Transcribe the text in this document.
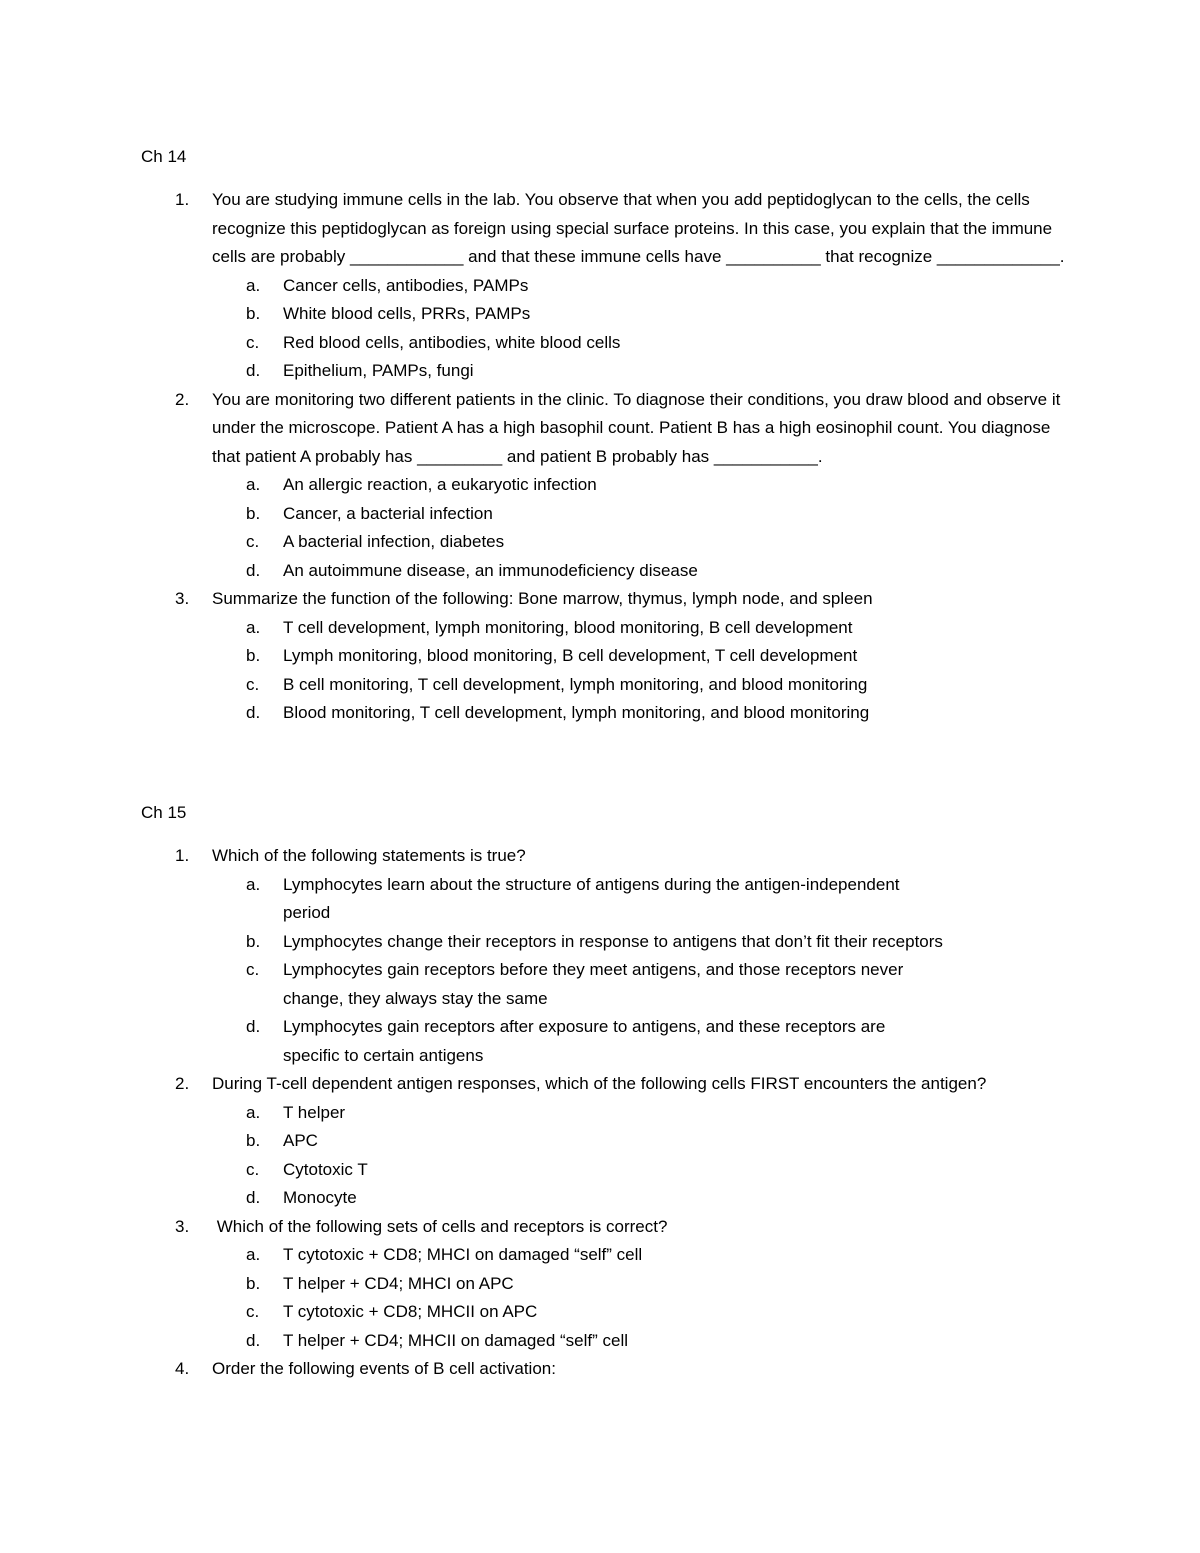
Ch 14
1. You are studying immune cells in the lab. You observe that when you add peptidoglycan to the cells, the cells recognize this peptidoglycan as foreign using special surface proteins. In this case, you explain that the immune cells are probably ____________ and that these immune cells have __________ that recognize _____________.
a. Cancer cells, antibodies, PAMPs
b. White blood cells, PRRs, PAMPs
c. Red blood cells, antibodies, white blood cells
d. Epithelium, PAMPs, fungi
2. You are monitoring two different patients in the clinic. To diagnose their conditions, you draw blood and observe it under the microscope. Patient A has a high basophil count. Patient B has a high eosinophil count. You diagnose that patient A probably has _________ and patient B probably has ___________.
a. An allergic reaction, a eukaryotic infection
b. Cancer, a bacterial infection
c. A bacterial infection, diabetes
d. An autoimmune disease, an immunodeficiency disease
3. Summarize the function of the following: Bone marrow, thymus, lymph node, and spleen
a. T cell development, lymph monitoring, blood monitoring, B cell development
b. Lymph monitoring, blood monitoring, B cell development, T cell development
c. B cell monitoring, T cell development, lymph monitoring, and blood monitoring
d. Blood monitoring, T cell development, lymph monitoring, and blood monitoring
Ch 15
1. Which of the following statements is true?
a. Lymphocytes learn about the structure of antigens during the antigen-independent period
b. Lymphocytes change their receptors in response to antigens that don’t fit their receptors
c. Lymphocytes gain receptors before they meet antigens, and those receptors never change, they always stay the same
d. Lymphocytes gain receptors after exposure to antigens, and these receptors are specific to certain antigens
2. During T-cell dependent antigen responses, which of the following cells FIRST encounters the antigen?
a. T helper
b. APC
c. Cytotoxic T
d. Monocyte
3. Which of the following sets of cells and receptors is correct?
a. T cytotoxic + CD8; MHCI on damaged “self” cell
b. T helper + CD4; MHCI on APC
c. T cytotoxic + CD8; MHCII on APC
d. T helper + CD4; MHCII on damaged “self” cell
4. Order the following events of B cell activation:
